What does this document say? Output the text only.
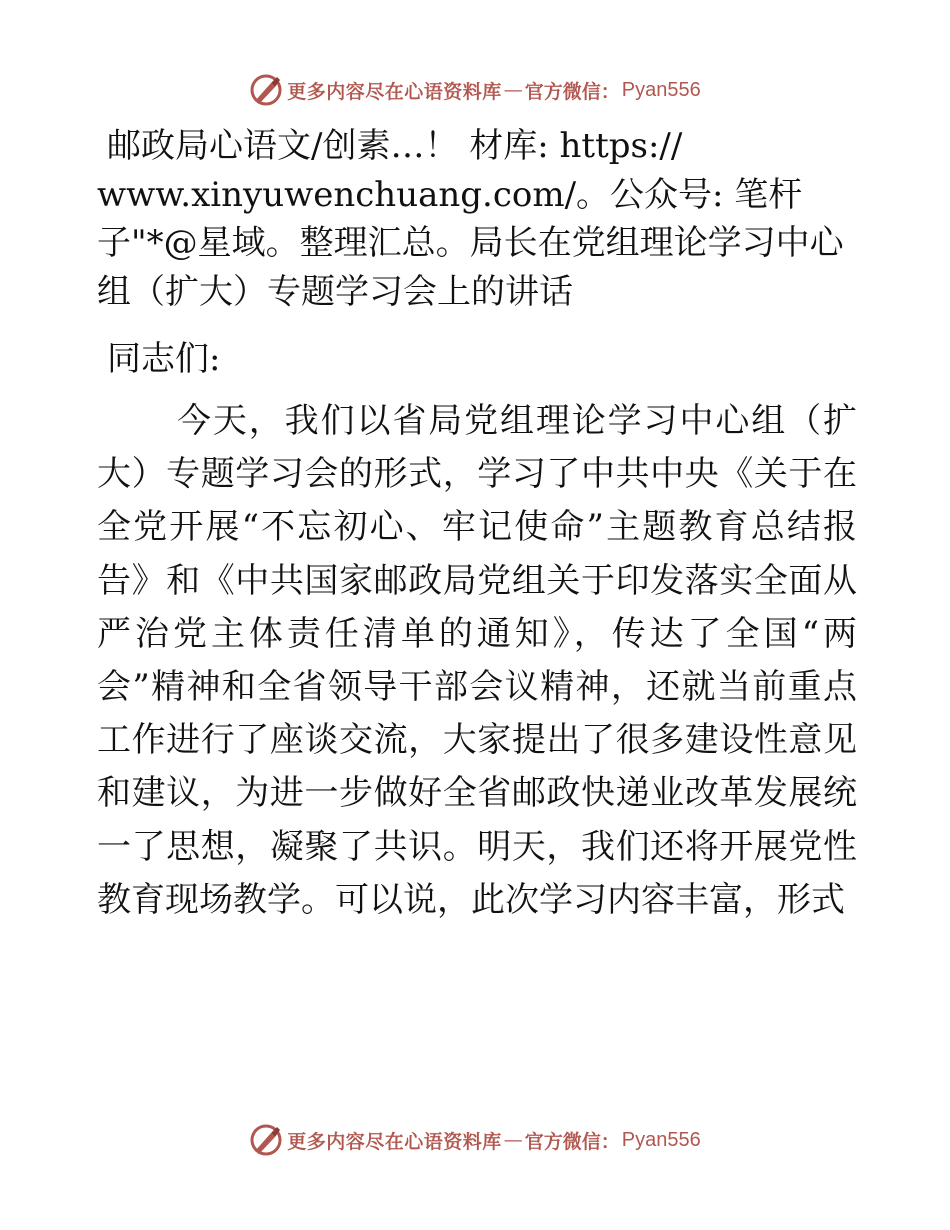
更多内容尽在心语资料库 — 官方微信： Pyan556

邮政局心语文/创素…！ 材库: https://

www.xinyuwenchuang.com/。公众号: 笔杆子"*@星域。整理汇总。局长在党组理论学习中心组（扩大）专题学习会上的讲话

同志们:

今天，我们以省局党组理论学习中心组（扩大）专题学习会的形式，学习了中共中央《关于在全党开展“不忘初心、牢记使命”主题教育总结报告》和《中共国家邮政局党组关于印发落实全面从严治党主体责任清单的通知》，传达了全国“两会”精神和全省领导干部会议精神，还就当前重点工作进行了座谈交流，大家提出了很多建设性意见和建议，为进一步做好全省邮政快递业改革发展统一了思想，凝聚了共识。明天，我们还将开展党性教育现场教学。可以说，此次学习内容丰富，形式

更多内容尽在心语资料库 — 官方微信： Pyan556
